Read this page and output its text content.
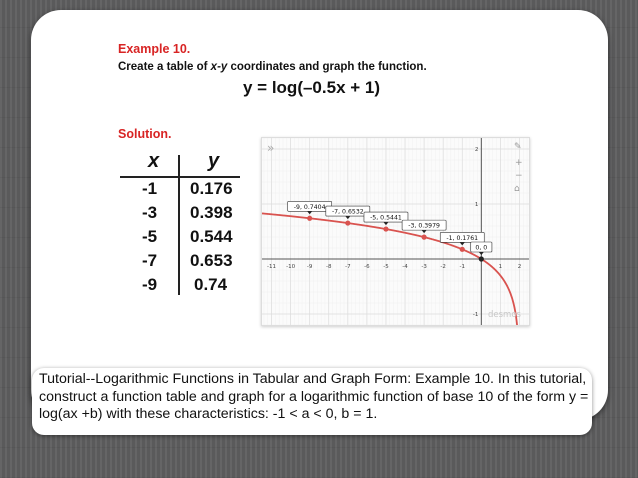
Example 10.
Create a table of x-y coordinates and graph the function.
y = log(–0.5x + 1)
Solution.
x y
-1 0.176
-3 0.398
-5 0.544
-7 0.653
-9 0.74
-11 -10 -9 -8 -7 -6 -5 -4 -3 -2 -1	1	2
2
1
-1
-9, 0.7404
-7, 0.6532
-5, 0.5441
-3, 0.3979
-1, 0.1761
0, 0
»	✎
+
−
⌂
desmos
Tutorial--Logarithmic Functions in Tabular and Graph Form: Example 10. In this tutorial, construct a function table and graph for a logarithmic function of base 10 of the form y = log(ax +b) with these characteristics: -1 < a < 0, b = 1.
